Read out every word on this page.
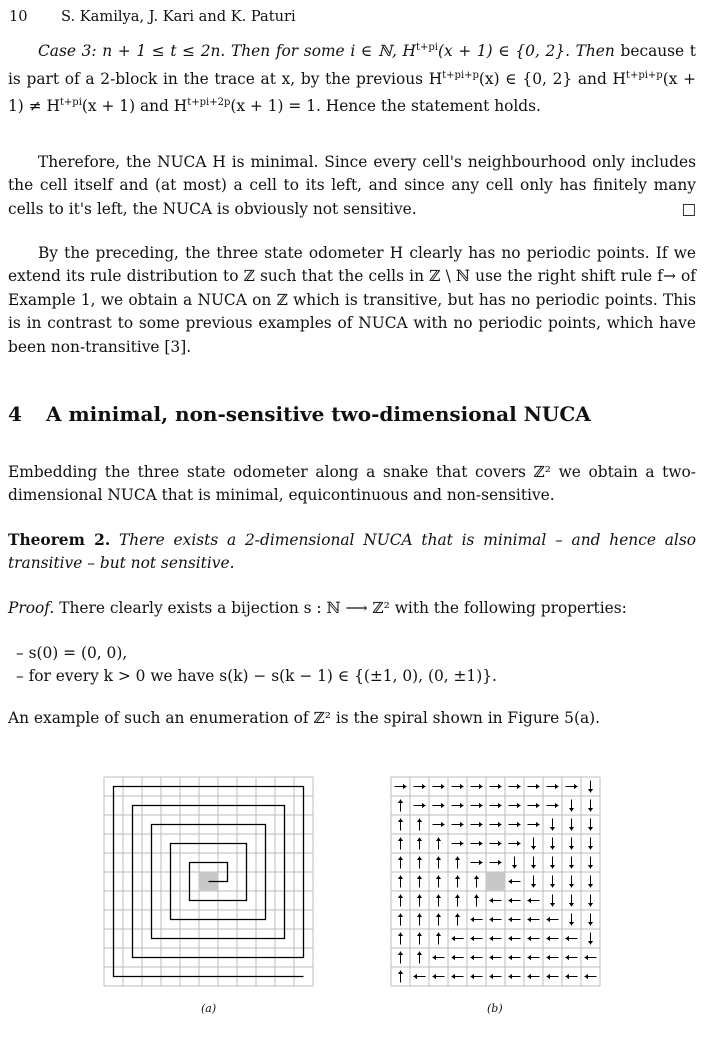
10 S. Kamilya, J. Kari and K. Paturi
Case 3: n + 1 ≤ t ≤ 2n. Then for some i ∈ ℕ, $H^{t+pi}(x + 1)$ ∈ {0, 2}. Then because t is part of a 2-block in the trace at x, by the previous $H^{t+pi+p}(x)$ ∈ {0, 2} and $H^{t+pi+p}(x + 1) \ne H^{t+pi}(x + 1)$ and $H^{t+pi+2p}(x + 1) = 1$. Hence the statement holds.
Therefore, the NUCA H is minimal. Since every cell's neighbourhood only includes the cell itself and (at most) a cell to its left, and since any cell only has finitely many cells to it's left, the NUCA is obviously not sensitive.	□
By the preceding, the three state odometer H clearly has no periodic points. If we extend its rule distribution to ℤ such that the cells in ℤ \ ℕ use the right shift rule f→ of Example 1, we obtain a NUCA on ℤ which is transitive, but has no periodic points. This is in contrast to some previous examples of NUCA with no periodic points, which have been non-transitive [3].
4 A minimal, non-sensitive two-dimensional NUCA
Embedding the three state odometer along a snake that covers ℤ² we obtain a two-dimensional NUCA that is minimal, equicontinuous and non-sensitive.
Theorem 2. There exists a 2-dimensional NUCA that is minimal – and hence also transitive – but not sensitive.
Proof. There clearly exists a bijection s : ℕ ⟶ ℤ² with the following properties:
– s(0) = (0, 0),
– for every k > 0 we have s(k) − s(k − 1) ∈ {(±1, 0), (0, ±1)}.
An example of such an enumeration of ℤ² is the spiral shown in Figure 5(a).
(a)	(b)
